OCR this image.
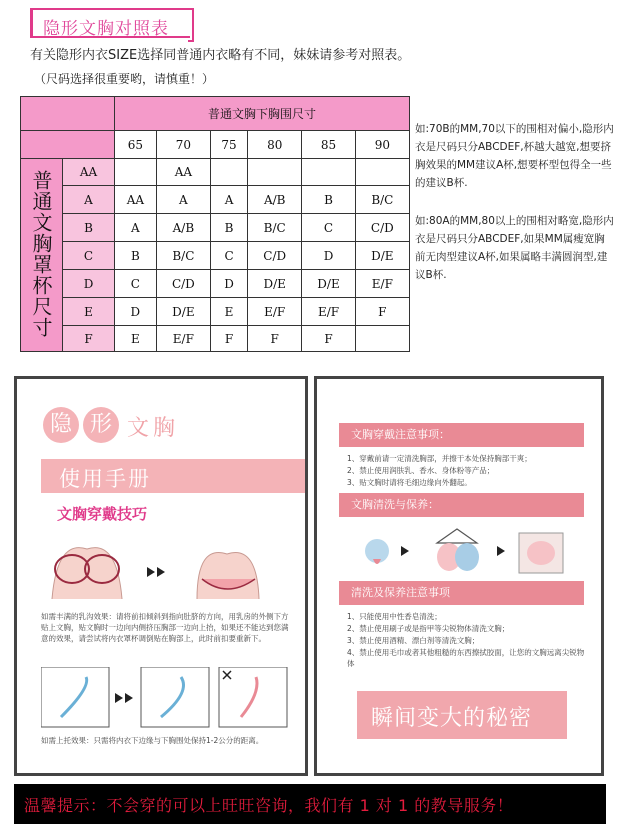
隐形文胸对照表
有关隐形内衣SIZE选择同普通内衣略有不同，妹妹请参考对照表。
（尺码选择很重要哟，请慎重！）
		普通文胸下胸围尺寸					
		65	70	75	80	85	90
普通文胸罩杯尺寸	AA		AA				
	A	AA	A	A	A/B	B	B/C
	B	A	A/B	B	B/C	C	C/D
	C	B	B/C	C	C/D	D	D/E
	D	C	C/D	D	D/E	D/E	E/F
	E	D	D/E	E	E/F	E/F	F
	F	E	E/F	F	F	F	
如:70B的MM,70以下的围相对偏小,隐形内衣是尺码只分ABCDEF,杯越大越宽,想要挤胸效果的MM建议A杯,想要杯型包得全一些的建议B杯.
如:80A的MM,80以上的围相对略宽,隐形内衣是尺码只分ABCDEF,如果MM属瘦宽胸前无肉型建议A杯,如果属略丰满圆润型,建议B杯.
隐 形 文 胸
使用手册
文胸穿戴技巧
如需丰满的乳沟效果：请将前扣倾斜到指向肚脐的方向，用乳房的外侧下方贴上文胸，贴文胸时一边向内侧挤压胸部一边向上抬，如果还不能达到您满意的效果，请尝试将内衣罩杯调倒贴在胸部上，此时前扣要重新下。
如需上托效果：只需将内衣下边缘与下胸围处保持1-2公分的距离。
文胸穿戴注意事项：
1、穿戴前请一定清洗胸部，并擦干本处保持胸部干爽；
2、禁止使用润肤乳、香水、身体粉等产品；
3、贴文胸时请将毛细边缘向外翻起。
文胸清洗与保养：
清洗及保养注意事项
1、只能使用中性香皂清洗；
2、禁止使用刷子或是指甲等尖锐物体清洗文胸；
3、禁止使用酒精、漂白剂等清洗文胸；
4、禁止使用毛巾或者其他粗糙的东西擦拭胶面，让您的文胸远离尖锐物体
瞬间变大的秘密
温馨提示：不会穿的可以上旺旺咨询，我们有 1 对 1 的教导服务！
